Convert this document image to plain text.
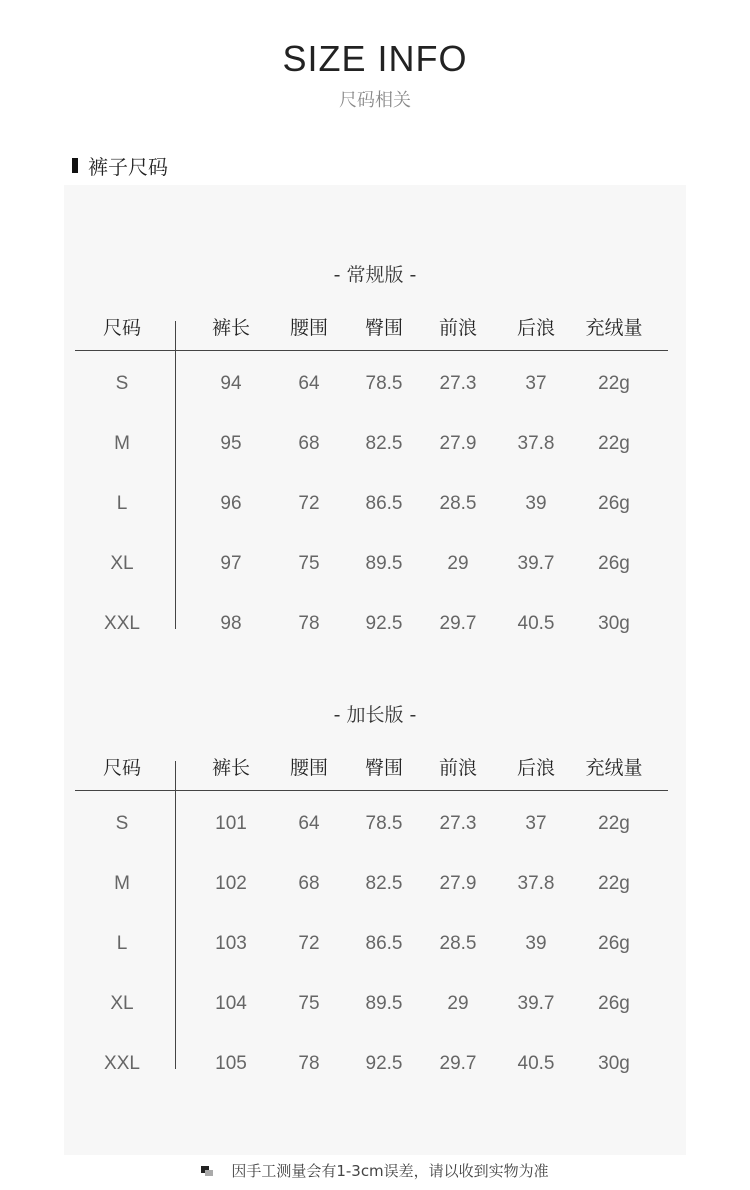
SIZE INFO
尺码相关
裤子尺码
- 常规版 -
尺码	裤长 腰围 臀围 前浪 后浪 充绒量
S	94	64 78.5 27.3	37	22g
M	95	68 82.5 27.9 37.8 22g
L	96	72 86.5 28.5	39	26g
XL	97	75 89.5 29	39.7 26g
XXL	98	78 92.5 29.7 40.5 30g
- 加长版 -
尺码	裤长 腰围 臀围 前浪 后浪 充绒量
S	101	64 78.5 27.3	37	22g
M	102	68 82.5 27.9 37.8 22g
L	103	72 86.5 28.5	39	26g
XL	104	75 89.5 29	39.7 26g
XXL	105	78 92.5 29.7 40.5 30g
因手工测量会有1-3cm误差，请以收到实物为准
